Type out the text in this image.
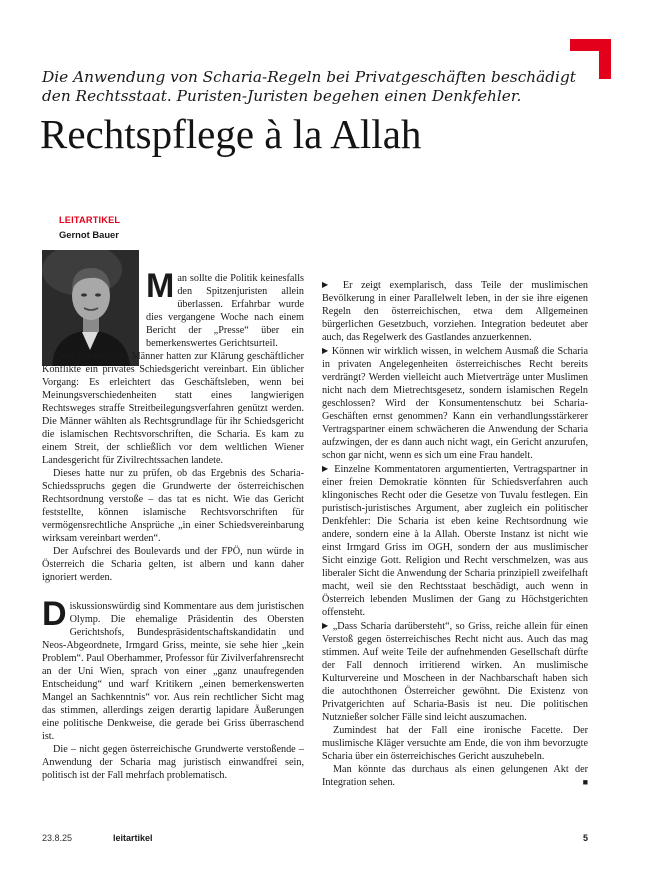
Die Anwendung von Scharia-Regeln bei Privatgeschäften beschädigt
den Rechtsstaat. Puristen-Juristen begehen einen Denkfehler.

Rechtspflege à la Allah
LEITARTIKEL
Gernot Bauer

Man sollte die Politik keinesfalls den Spitzenjuristen allein überlassen. Erfahrbar wurde dies vergangene Woche nach einem Bericht der „Presse“ über ein bemerkenswertes Gerichtsurteil.

Zwei muslimische Männer hatten zur Klärung geschäftlicher Konflikte ein privates Schiedsgericht vereinbart. Ein üblicher Vorgang: Es erleichtert das Geschäftsleben, wenn bei Meinungsverschiedenheiten statt eines langwierigen Rechtsweges straffe Streitbeilegungsverfahren genützt werden. Die Männer wählten als Rechtsgrundlage für ihr Schiedsgericht die islamischen Rechtsvorschriften, die Scharia. Es kam zu einem Streit, der schließlich vor dem weltlichen Wiener Landesgericht für Zivilrechtssachen landete.

Dieses hatte nur zu prüfen, ob das Ergebnis des Scharia-Schiedsspruchs gegen die Grundwerte der österreichischen Rechtsordnung verstoße – das tat es nicht. Wie das Gericht feststellte, können islamische Rechtsvorschriften für vermögensrechtliche Ansprüche „in einer Schiedsvereinbarung wirksam vereinbart werden“.

Der Aufschrei des Boulevards und der FPÖ, nun würde in Österreich die Scharia gelten, ist albern und kann daher ignoriert werden.

Diskussionswürdig sind Kommentare aus dem juristischen Olymp. Die ehemalige Präsidentin des Obersten Gerichtshofs, Bundespräsidentschaftskandidatin und Neos-Abgeordnete, Irmgard Griss, meinte, sie sehe hier „kein Problem“. Paul Oberhammer, Professor für Zivilverfahrensrecht an der Uni Wien, sprach von einer „ganz unaufregenden Entscheidung“ und warf Kritikern „einen bemerkenswerten Mangel an Sachkenntnis“ vor. Aus rein rechtlicher Sicht mag das stimmen, allerdings zeigen derartig lapidare Äußerungen eine politische Denkweise, die gerade bei Griss überraschend ist.

Die – nicht gegen österreichische Grundwerte verstoßende – Anwendung der Scharia mag juristisch einwandfrei sein, politisch ist der Fall mehrfach problematisch.

▶ Er zeigt exemplarisch, dass Teile der muslimischen Bevölkerung in einer Parallelwelt leben, in der sie ihre eigenen Regeln den österreichischen, etwa dem Allgemeinen bürgerlichen Gesetzbuch, vorziehen. Integration bedeutet aber auch, das Regelwerk des Gastlandes anzuerkennen.

▶ Können wir wirklich wissen, in welchem Ausmaß die Scharia in privaten Angelegenheiten österreichisches Recht bereits verdrängt? Werden vielleicht auch Mietverträge unter Muslimen nicht nach dem Mietrechtsgesetz, sondern islamischen Regeln geschlossen? Wird der Konsumentenschutz bei Scharia-Geschäften ernst genommen? Kann ein verhandlungsstärkerer Vertragspartner einem schwächeren die Anwendung der Scharia aufzwingen, der es dann auch nicht wagt, ein Gericht anzurufen, schon gar nicht, wenn es sich um eine Frau handelt.

▶ Einzelne Kommentatoren argumentierten, Vertragspartner in einer freien Demokratie könnten für Schiedsverfahren auch klingonisches Recht oder die Gesetze von Tuvalu festlegen. Ein puristisch-juristisches Argument, aber zugleich ein politischer Denkfehler: Die Scharia ist eben keine Rechtsordnung wie andere, sondern eine à la Allah. Oberste Instanz ist nicht wie einst Irmgard Griss im OGH, sondern der aus muslimischer Sicht einzige Gott. Religion und Recht verschmelzen, was aus liberaler Sicht die Anwendung der Scharia prinzipiell zweifelhaft macht, weil sie den Rechtsstaat beschädigt, auch wenn in Österreich lebenden Muslimen der Gang zu Höchstgerichten offensteht.

▶ „Dass Scharia darübersteht“, so Griss, reiche allein für einen Verstoß gegen österreichisches Recht nicht aus. Auch das mag stimmen. Auf weite Teile der aufnehmenden Gesellschaft dürfte der Fall dennoch irritierend wirken. An muslimische Kulturvereine und Moscheen in der Nachbarschaft haben sich die autochthonen Österreicher gewöhnt. Die Existenz von Privatgerichten auf Scharia-Basis ist neu. Die politischen Nutznießer solcher Fälle sind leicht auszumachen.

Zumindest hat der Fall eine ironische Facette. Der muslimische Kläger versuchte am Ende, die von ihm bevorzugte Scharia über ein österreichisches Gericht auszuhebeln.

Man könnte das durchaus als einen gelungenen Akt der Integration sehen.	■

23.8.25	leitartikel	5
